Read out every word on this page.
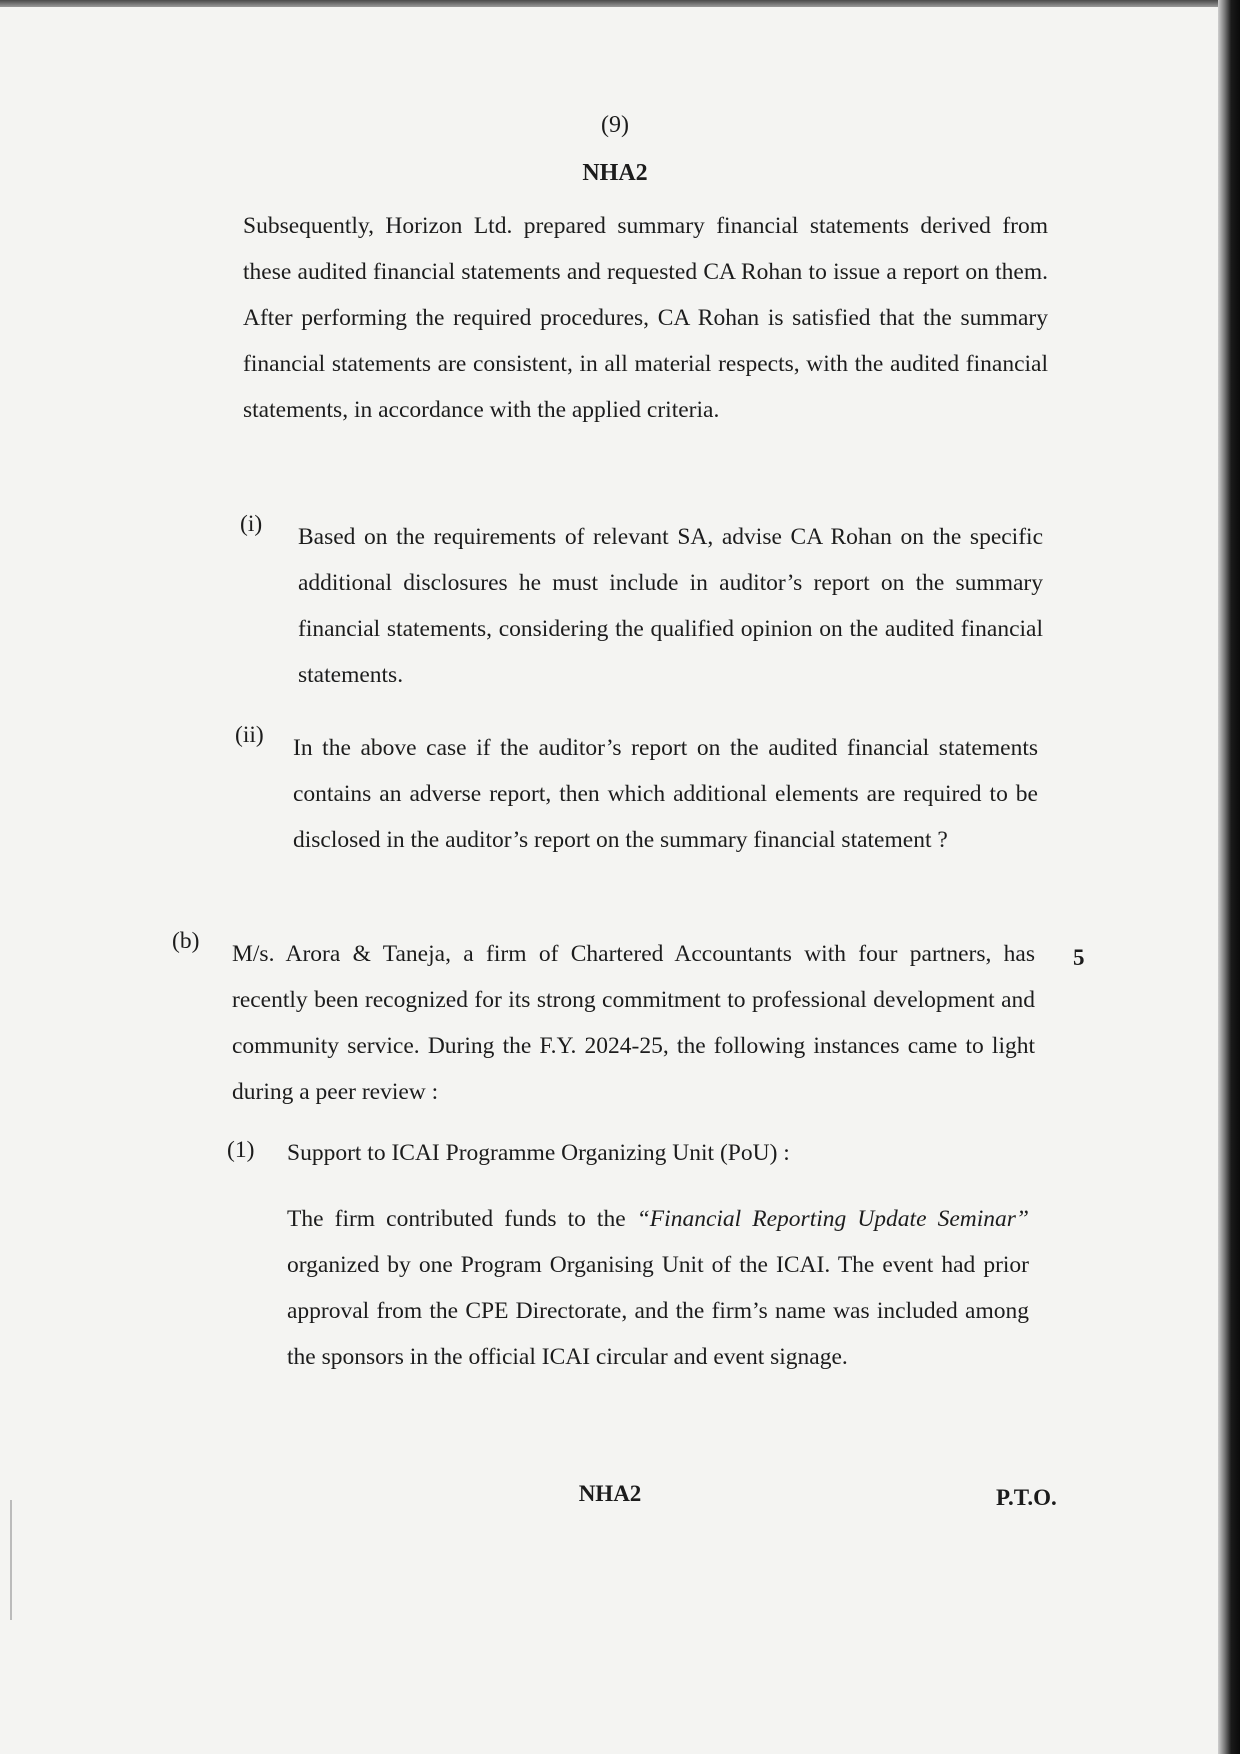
(9)
NHA2
Subsequently, Horizon Ltd. prepared summary financial statements derived from these audited financial statements and requested CA Rohan to issue a report on them. After performing the required procedures, CA Rohan is satisfied that the summary financial statements are consistent, in all material respects, with the audited financial statements, in accordance with the applied criteria.
(i) Based on the requirements of relevant SA, advise CA Rohan on the specific additional disclosures he must include in auditor’s report on the summary financial statements, considering the qualified opinion on the audited financial statements.
(ii) In the above case if the auditor’s report on the audited financial statements contains an adverse report, then which additional elements are required to be disclosed in the auditor’s report on the summary financial statement ?
(b) M/s. Arora & Taneja, a firm of Chartered Accountants with four partners, has recently been recognized for its strong commitment to professional development and community service. During the F.Y. 2024-25, the following instances came to light during a peer review :
5
(1) Support to ICAI Programme Organizing Unit (PoU) :
The firm contributed funds to the “Financial Reporting Update Seminar” organized by one Program Organising Unit of the ICAI. The event had prior approval from the CPE Directorate, and the firm’s name was included among the sponsors in the official ICAI circular and event signage.
NHA2	P.T.O.
